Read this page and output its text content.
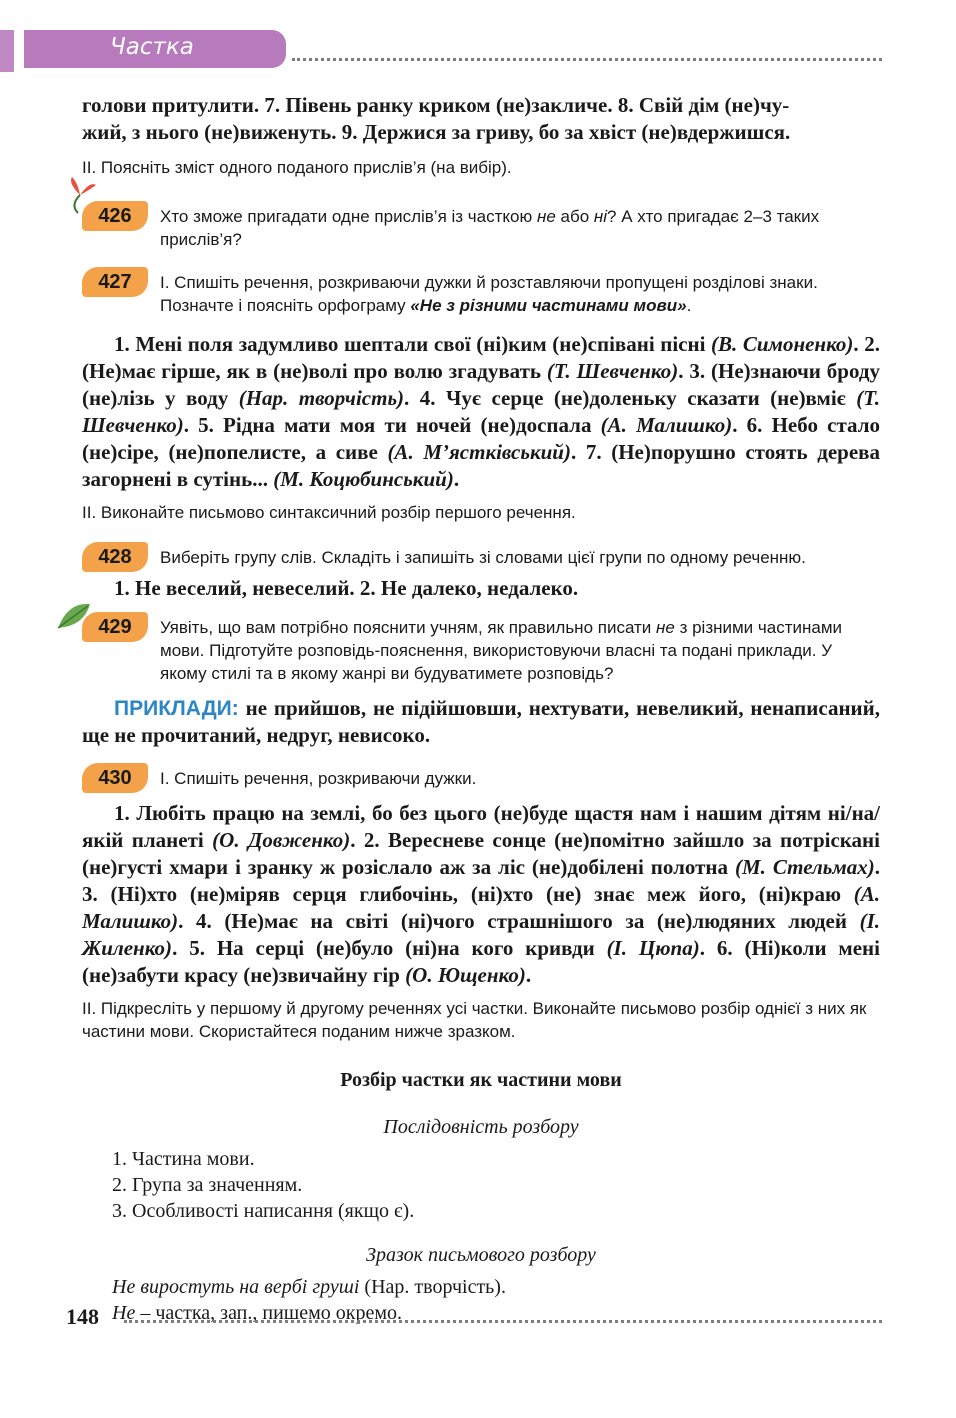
Частка

голови притулити. 7. Півень ранку криком (не)закличе. 8. Свій дім (не)чу-

жий, з нього (не)виженуть. 9. Держися за гриву, бо за хвіст (не)вдержишся.

ІІ. Поясніть зміст одного поданого прислів’я (на вибір).

426	Хто зможе пригадати одне прислів’я із часткою не або ні? А хто пригадає 2–3 таких прислів’я?

427	І. Спишіть речення, розкриваючи дужки й розставляючи пропущені розділові знаки. Позначте і поясніть орфограму «Не з різними частинами мови».

1. Мені поля задумливо шептали свої (ні)ким (не)співані пісні (В. Симоненко). 2. (Не)має гірше, як в (не)волі про волю згадувать (Т. Шевченко). 3. (Не)знаючи броду (не)лізь у воду (Нар. творчість). 4. Чує серце (не)доленьку сказати (не)вміє (Т. Шевченко). 5. Рідна мати моя ти ночей (не)доспала (А. Малишко). 6. Небо стало (не)сіре, (не)попелисте, а сиве (А. М’ястківський). 7. (Не)порушно стоять дерева загорнені в сутінь... (М. Коцюбинський).

ІІ. Виконайте письмово синтаксичний розбір першого речення.

428	Виберіть групу слів. Складіть і запишіть зі словами цієї групи по одному реченню.

1. Не веселий, невеселий. 2. Не далеко, недалеко.

429	Уявіть, що вам потрібно пояснити учням, як правильно писати не з різними частинами мови. Підготуйте розповідь-пояснення, використовуючи власні та подані приклади. У якому стилі та в якому жанрі ви будуватимете розповідь?

ПРИКЛАДИ: не прийшов, не підійшовши, нехтувати, невеликий, ненаписаний, ще не прочитаний, недруг, невисоко.

430	І. Спишіть речення, розкриваючи дужки.

1. Любіть працю на землі, бо без цього (не)буде щастя нам і нашим дітям ні/на/якій планеті (О. Довженко). 2. Вересневе сонце (не)помітно зайшло за потрісканi (не)густі хмари і зранку ж розіслало аж за ліс (не)добілені полотна (М. Стельмах). 3. (Ні)хто (не)міряв серця глибочінь, (ні)хто (не) знає меж його, (ні)краю (А. Малишко). 4. (Не)має на світі (ні)чого страшнішого за (не)людяних людей (І. Жиленко). 5. На серці (не)було (ні)на кого кривди (І. Цюпа). 6. (Ні)коли мені (не)забути красу (не)звичайну гір (О. Ющенко).

ІІ. Підкресліть у першому й другому реченнях усі частки. Виконайте письмово розбір однієї з них як частини мови. Скористайтеся поданим нижче зразком.

Розбір частки як частини мови

Послідовність розбору

1. Частина мови.
2. Група за значенням.
3. Особливості написання (якщо є).

Зразок письмового розбору

Не виростуть на вербі груші (Нар. творчість).
Не – частка, зап., пишемо окремо.
148
